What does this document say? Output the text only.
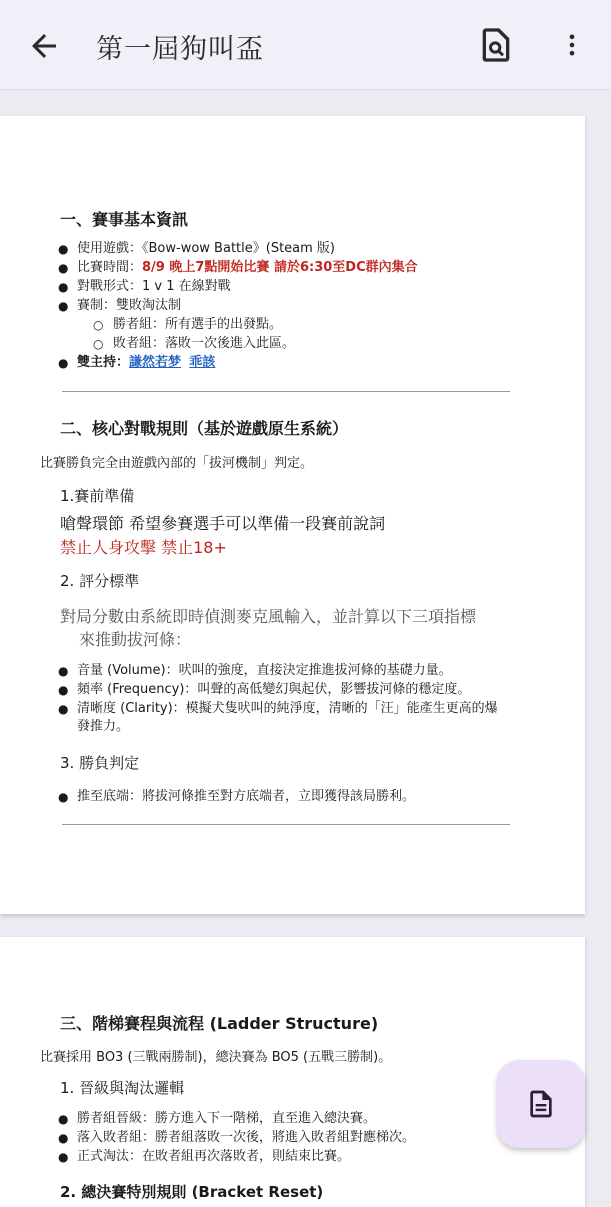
第一屆狗叫盃
一、賽事基本資訊
● 使用遊戲：《Bow-wow Battle》(Steam 版)
● 比賽時間：8/9 晚上7點開始比賽 請於6:30至DC群內集合
● 對戰形式：1 v 1 在線對戰
● 賽制：雙敗淘汰制
○ 勝者組：所有選手的出發點。
○ 敗者組：落敗一次後進入此區。
● 雙主持：謙然若梦 乖該
二、核心對戰規則（基於遊戲原生系統）
比賽勝負完全由遊戲內部的「拔河機制」判定。
1.賽前準備
嗆聲環節 希望參賽選手可以準備一段賽前說詞
禁止人身攻擊 禁止18+
2. 評分標準
對局分數由系統即時偵測麥克風輸入，並計算以下三項指標
來推動拔河條：
● 音量 (Volume)：吠叫的強度，直接決定推進拔河條的基礎力量。
● 頻率 (Frequency)：叫聲的高低變幻與起伏，影響拔河條的穩定度。
● 清晰度 (Clarity)：模擬犬隻吠叫的純淨度，清晰的「汪」能產生更高的爆
發推力。
3. 勝負判定
● 推至底端：將拔河條推至對方底端者，立即獲得該局勝利。
三、階梯賽程與流程 (Ladder Structure)
比賽採用 BO3 (三戰兩勝制)，總決賽為 BO5 (五戰三勝制)。
1. 晉級與淘汰邏輯
● 勝者組晉級：勝方進入下一階梯，直至進入總決賽。
● 落入敗者組：勝者組落敗一次後，將進入敗者組對應梯次。
● 正式淘汰：在敗者組再次落敗者，則結束比賽。
2. 總決賽特別規則 (Bracket Reset)
